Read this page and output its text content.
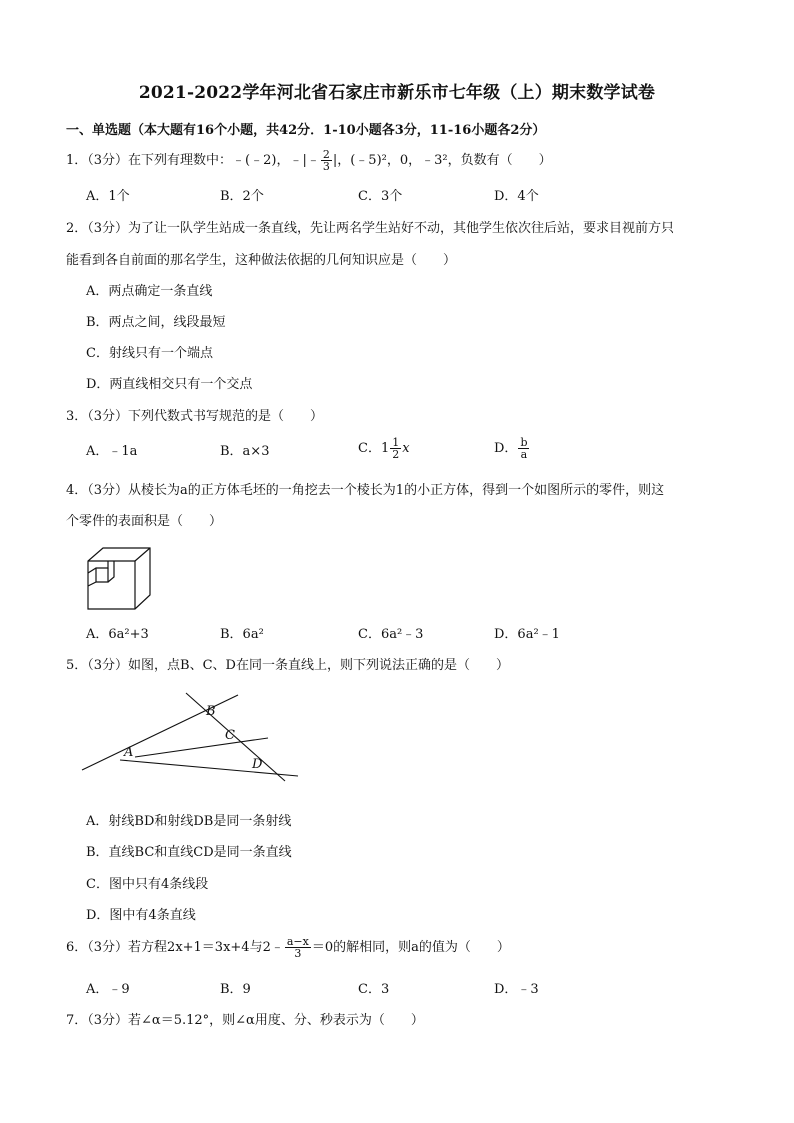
2021-2022学年河北省石家庄市新乐市七年级（上）期末数学试卷
一、单选题（本大题有16个小题，共42分．1-10小题各3分，11-16小题各2分）
1．（3分）在下列有理数中：﹣(﹣2)，﹣|﹣ $\frac{2}{3}$ |，(﹣5)²，0，﹣3²，负数有（　　）
A．1个	B．2个	C．3个	D．4个
2．（3分）为了让一队学生站成一条直线，先让两名学生站好不动，其他学生依次往后站，要求目视前方只
能看到各自前面的那名学生，这种做法依据的几何知识应是（　　）
A．两点确定一条直线
B．两点之间，线段最短
C．射线只有一个端点
D．两直线相交只有一个交点
3．（3分）下列代数式书写规范的是（　　）
A．﹣1a	B．a×3	C．$1 \frac{1}{2}$ x	D． $\frac{b}{a}$
4．（3分）从棱长为a的正方体毛坯的一角挖去一个棱长为1的小正方体，得到一个如图所示的零件，则这
个零件的表面积是（　　）
A．6a²+3	B．6a²	C．6a²﹣3	D．6a²﹣1
5．（3分）如图，点B、C、D在同一条直线上，则下列说法正确的是（　　）
B
C
A
D
A．射线BD和射线DB是同一条射线
B．直线BC和直线CD是同一条直线
C．图中只有4条线段
D．图中有4条直线
6．（3分）若方程2x+1＝3x+4与2﹣ $\frac{a-x}{3} =0$的解相同，则a的值为（　　）
A．﹣9	B．9	C．3	D．﹣3
7．（3分）若∠α＝5.12°，则∠α用度、分、秒表示为（　　）
